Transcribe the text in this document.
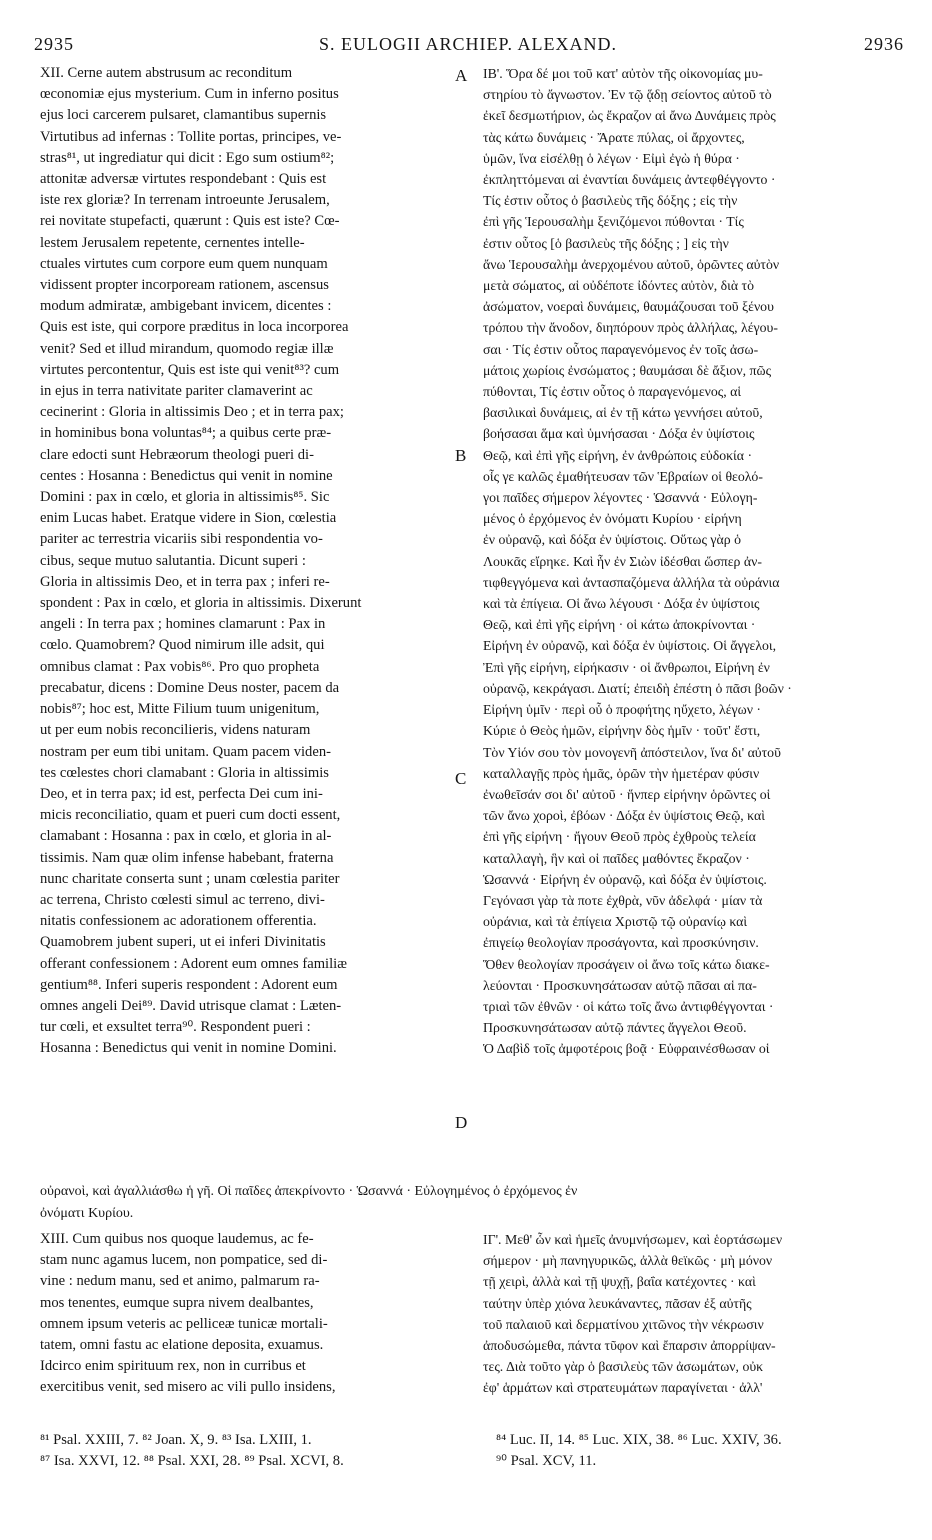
2935	S. EULOGII ARCHIEP. ALEXAND.	2936
XII. Cerne autem abstrusum ac reconditum
œconomiæ ejus mysterium. Cum in inferno positus
ejus loci carcerem pulsaret, clamantibus supernis
Virtutibus ad infernas : Tollite portas, principes, ve-
stras⁸¹, ut ingrediatur qui dicit : Ego sum ostium⁸²;
attonitæ adversæ virtutes respondebant : Quis est
iste rex gloriæ? In terrenam introeunte Jerusalem,
rei novitate stupefacti, quærunt : Quis est iste? Cœ-
lestem Jerusalem repetente, cernentes intelle-
ctuales virtutes cum corpore eum quem nunquam
vidissent propter incorpoream rationem, ascensus
modum admiratæ, ambigebant invicem, dicentes :
Quis est iste, qui corpore præditus in loca incorporea
venit? Sed et illud mirandum, quomodo regiæ illæ
virtutes percontentur, Quis est iste qui venit⁸³? cum
in ejus in terra nativitate pariter clamaverint ac
cecinerint : Gloria in altissimis Deo ; et in terra pax;
in hominibus bona voluntas⁸⁴; a quibus certe præ-
clare edocti sunt Hebræorum theologi pueri di-
centes : Hosanna : Benedictus qui venit in nomine
Domini : pax in cœlo, et gloria in altissimis⁸⁵. Sic
enim Lucas habet. Eratque videre in Sion, cœlestia
pariter ac terrestria vicariis sibi respondentia vo-
cibus, seque mutuo salutantia. Dicunt superi :
Gloria in altissimis Deo, et in terra pax ; inferi re-
spondent : Pax in cœlo, et gloria in altissimis. Dixerunt
angeli : In terra pax ; homines clamarunt : Pax in
cœlo. Quamobrem? Quod nimirum ille adsit, qui
omnibus clamat : Pax vobis⁸⁶. Pro quo propheta
precabatur, dicens : Domine Deus noster, pacem da
nobis⁸⁷; hoc est, Mitte Filium tuum unigenitum,
ut per eum nobis reconcilieris, videns naturam
nostram per eum tibi unitam. Quam pacem viden-
tes cœlestes chori clamabant : Gloria in altissimis
Deo, et in terra pax; id est, perfecta Dei cum ini-
micis reconciliatio, quam et pueri cum docti essent,
clamabant : Hosanna : pax in cœlo, et gloria in al-
tissimis. Nam quæ olim infense habebant, fraterna
nunc charitate conserta sunt ; unam cœlestia pariter
ac terrena, Christo cœlesti simul ac terreno, divi-
nitatis confessionem ac adorationem offerentia.
Quamobrem jubent superi, ut ei inferi Divinitatis
offerant confessionem : Adorent eum omnes familiæ
gentium⁸⁸. Inferi superis respondent : Adorent eum
omnes angeli Dei⁸⁹. David utrisque clamat : Læten-
tur cœli, et exsultet terra⁹⁰. Respondent pueri :
Hosanna : Benedictus qui venit in nomine Domini.
ΙΒ'. Ὅρα δέ μοι τοῦ κατ' αὐτὸν τῆς οἰκονομίας μυ-
στηρίου τὸ ἄγνωστον. Ἐν τῷ ᾅδῃ σείοντος αὐτοῦ τὸ
ἐκεῖ δεσμωτήριον, ὡς ἔκραζον αἱ ἄνω Δυνάμεις πρὸς
τὰς κάτω δυνάμεις · Ἄρατε πύλας, οἱ ἄρχοντες,
ὑμῶν, ἵνα εἰσέλθῃ ὁ λέγων · Εἰμὶ ἐγὼ ἡ θύρα ·
ἐκπληττόμεναι αἱ ἐναντίαι δυνάμεις ἀντεφθέγγοντο ·
Τίς ἐστιν οὗτος ὁ βασιλεὺς τῆς δόξης ; εἰς τὴν
ἐπὶ γῆς Ἱερουσαλὴμ ξενιζόμενοι πύθονται · Τίς
ἐστιν οὗτος [ὁ βασιλεὺς τῆς δόξης ; ] εἰς τὴν
ἄνω Ἱερουσαλὴμ ἀνερχομένου αὐτοῦ, ὁρῶντες αὐτὸν
μετὰ σώματος, αἱ οὐδέποτε ἰδόντες αὐτὸν, διὰ τὸ
ἀσώματον, νοεραὶ δυνάμεις, θαυμάζουσαι τοῦ ξένου
τρόπου τὴν ἄνοδον, διηπόρουν πρὸς ἀλλήλας, λέγου-
σαι · Τίς ἐστιν οὗτος παραγενόμενος ἐν τοῖς ἀσω-
μάτοις χωρίοις ἐνσώματος ; θαυμάσαι δὲ ἄξιον, πῶς
πύθονται, Τίς ἐστιν οὗτος ὁ παραγενόμενος, αἱ
βασιλικαὶ δυνάμεις, αἱ ἐν τῇ κάτω γεννήσει αὐτοῦ,
βοήσασαι ἅμα καὶ ὑμνήσασαι · Δόξα ἐν ὑψίστοις
Θεῷ, καὶ ἐπὶ γῆς εἰρήνη, ἐν ἀνθρώποις εὐδοκία ·
οἷς γε καλῶς ἐμαθήτευσαν τῶν Ἑβραίων οἱ θεολό-
γοι παῖδες σήμερον λέγοντες · Ὡσαννά · Εὐλογη-
μένος ὁ ἐρχόμενος ἐν ὀνόματι Κυρίου · εἰρήνη
ἐν οὐρανῷ, καὶ δόξα ἐν ὑψίστοις. Οὕτως γὰρ ὁ
Λουκᾶς εἴρηκε. Καὶ ἦν ἐν Σιὼν ἰδέσθαι ὥσπερ ἀν-
τιφθεγγόμενα καὶ ἀντασπαζόμενα ἀλλήλα τὰ οὐράνια
καὶ τὰ ἐπίγεια. Οἱ ἄνω λέγουσι · Δόξα ἐν ὑψίστοις
Θεῷ, καὶ ἐπὶ γῆς εἰρήνη · οἱ κάτω ἀποκρίνονται ·
Εἰρήνη ἐν οὐρανῷ, καὶ δόξα ἐν ὑψίστοις. Οἱ ἄγγελοι,
Ἐπὶ γῆς εἰρήνη, εἰρήκασιν · οἱ ἄνθρωποι, Εἰρήνη ἐν
οὐρανῷ, κεκράγασι. Διατί; ἐπειδὴ ἐπέστη ὁ πᾶσι βοῶν ·
Εἰρήνη ὑμῖν · περὶ οὗ ὁ προφήτης ηὔχετο, λέγων ·
Κύριε ὁ Θεὸς ἡμῶν, εἰρήνην δὸς ἡμῖν · τοῦτ' ἔστι,
Τὸν Υἱόν σου τὸν μονογενῆ ἀπόστειλον, ἵνα δι' αὐτοῦ
καταλλαγῇς πρὸς ἡμᾶς, ὁρῶν τὴν ἡμετέραν φύσιν
ἐνωθεῖσάν σοι δι' αὐτοῦ · ἥνπερ εἰρήνην ὁρῶντες οἱ
τῶν ἄνω χοροὶ, ἐβόων · Δόξα ἐν ὑψίστοις Θεῷ, καὶ
ἐπὶ γῆς εἰρήνη · ἤγουν Θεοῦ πρὸς ἐχθροὺς τελεία
καταλλαγὴ, ἣν καὶ οἱ παῖδες μαθόντες ἔκραζον ·
Ὡσαννά · Εἰρήνη ἐν οὐρανῷ, καὶ δόξα ἐν ὑψίστοις.
Γεγόνασι γὰρ τὰ ποτε ἐχθρὰ, νῦν ἀδελφά · μίαν τὰ
οὐράνια, καὶ τὰ ἐπίγεια Χριστῷ τῷ οὐρανίῳ καὶ
ἐπιγείῳ θεολογίαν προσάγοντα, καὶ προσκύνησιν.
Ὅθεν θεολογίαν προσάγειν οἱ ἄνω τοῖς κάτω διακε-
λεύονται · Προσκυνησάτωσαν αὐτῷ πᾶσαι αἱ πα-
τριαὶ τῶν ἐθνῶν · οἱ κάτω τοῖς ἄνω ἀντιφθέγγονται ·
Προσκυνησάτωσαν αὐτῷ πάντες ἄγγελοι Θεοῦ.
Ὁ Δαβὶδ τοῖς ἀμφοτέροις βοᾷ · Εὐφραινέσθωσαν οἱ
A
B
C
D
οὐρανοὶ, καὶ ἀγαλλιάσθω ἡ γῆ. Οἱ παῖδες ἀπεκρίνοντο · Ὡσαννά · Εὐλογημένος ὁ ἐρχόμενος ἐν
ὀνόματι Κυρίου.
XIII. Cum quibus nos quoque laudemus, ac fe-
stam nunc agamus lucem, non pompatice, sed di-
vine : nedum manu, sed et animo, palmarum ra-
mos tenentes, eumque supra nivem dealbantes,
omnem ipsum veteris ac pelliceæ tunicæ mortali-
tatem, omni fastu ac elatione deposita, exuamus.
Idcirco enim spirituum rex, non in curribus et
exercitibus venit, sed misero ac vili pullo insidens,
ΙΓ'. Μεθ' ὧν καὶ ἡμεῖς ἀνυμνήσωμεν, καὶ ἑορτάσωμεν
σήμερον · μὴ πανηγυρικῶς, ἀλλὰ θεϊκῶς · μὴ μόνον
τῇ χειρὶ, ἀλλὰ καὶ τῇ ψυχῇ, βαΐα κατέχοντες · καὶ
ταύτην ὑπὲρ χιόνα λευκάναντες, πᾶσαν ἐξ αὐτῆς
τοῦ παλαιοῦ καὶ δερματίνου χιτῶνος τὴν νέκρωσιν
ἀποδυσώμεθα, πάντα τῦφον καὶ ἔπαρσιν ἀπορρίψαν-
τες. Διὰ τοῦτο γὰρ ὁ βασιλεὺς τῶν ἀσωμάτων, οὐκ
ἐφ' ἁρμάτων καὶ στρατευμάτων παραγίνεται · ἀλλ'
⁸¹ Psal. XXIII, 7. ⁸² Joan. X, 9. ⁸³ Isa. LXIII, 1.	⁸⁴ Luc. II, 14. ⁸⁵ Luc. XIX, 38. ⁸⁶ Luc. XXIV, 36.
⁸⁷ Isa. XXVI, 12. ⁸⁸ Psal. XXI, 28. ⁸⁹ Psal. XCVI, 8.	⁹⁰ Psal. XCV, 11.
